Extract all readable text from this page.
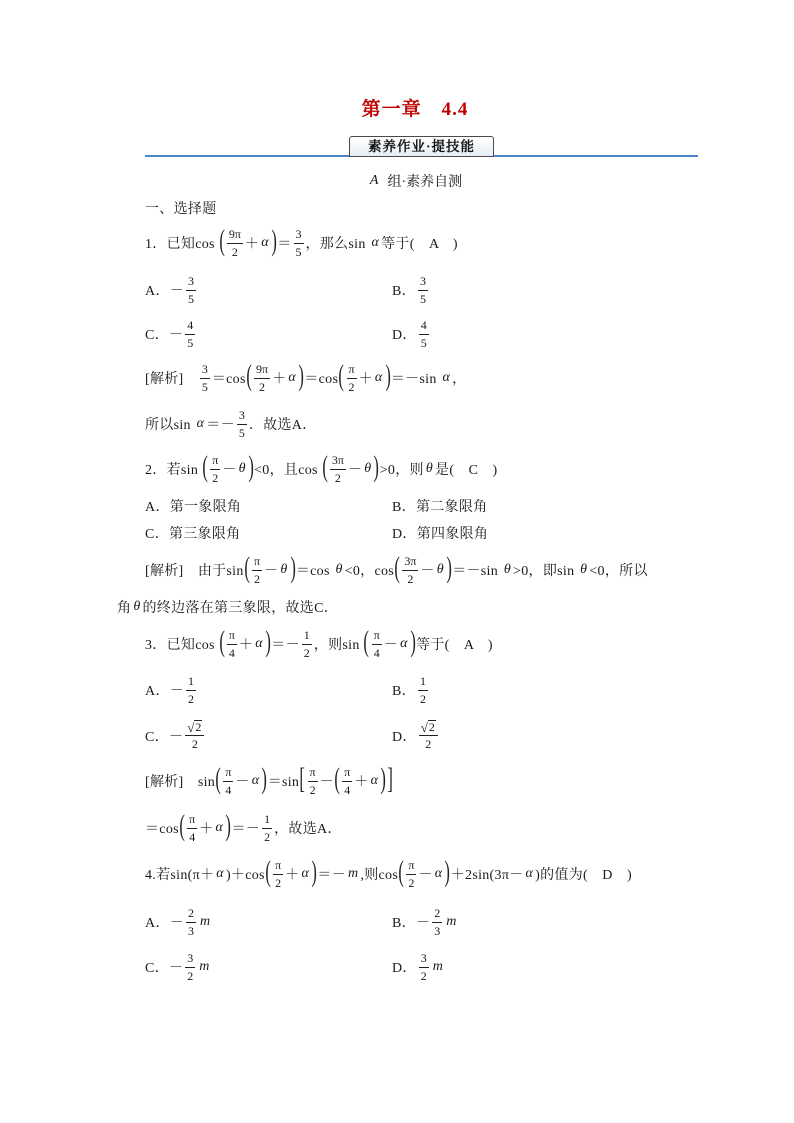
第一章　4.4
素养作业·提技能
A 组·素养自测
一、选择题
1．已知cos ( $\frac{9\pi}{2} + \alpha$ ) ＝ $\frac{3}{5}$ ，那么sin α 等于(　A　)
A．－ $\frac{3}{5}$	B． $\frac{3}{5}$
C．－ $\frac{4}{5}$	D． $\frac{4}{5}$
[解析]　 $\frac{3}{5} =\cos$ ( $\frac{9\pi}{2} + \alpha$ ) ＝cos ( $\frac{\pi}{2} + \alpha$ ) ＝－sin α ，
所以$\sin \alpha =- \frac{3}{5}$ ．故选A．
2．若sin ( $\frac{\pi}{2} - \theta$ ) <0，且cos ( $\frac{3\pi}{2} - \theta$ ) >0，则 θ 是(　C　)
A．第一象限角	B．第二象限角
C．第三象限角	D．第四象限角
[解析]　由于sin ( $\frac{\pi}{2} - \theta$ ) ＝cos θ <0，cos ( $\frac{3\pi}{2} - \theta$ ) ＝－sin θ >0，即sin θ <0，所以
角 θ 的终边落在第三象限，故选C．
3．已知cos ( $\frac{\pi}{4} + \alpha$ ) ＝－ $\frac{1}{2}$ ，则sin ( $\frac{\pi}{4} - \alpha$ ) 等于(　A　)
A．－ $\frac{1}{2}$	B． $\frac{1}{2}$
C．－ $\frac{√ 2}{2}$	D． $\frac{√ 2}{2}$
[解析]　sin ( $\frac{\pi}{4} - \alpha$ ) ＝sin [ $\frac{\pi}{2}$ － ( $\frac{\pi}{4} + \alpha$ ) ]
＝cos ( $\frac{\pi}{4} + \alpha$ ) ＝－ $\frac{1}{2}$ ，故选A．
4.若sin(π＋ α )＋cos ( $\frac{\pi}{2} + \alpha$ ) ＝－ m ,则cos ( $\frac{\pi}{2} - \alpha$ ) ＋2sin(3π－ α )的值为(　D　)
A．－ $\frac{2}{3}$ m	B．－ $\frac{2}{3}$ m
C．－ $\frac{3}{2}$ m	D． $\frac{3}{2}$ m
